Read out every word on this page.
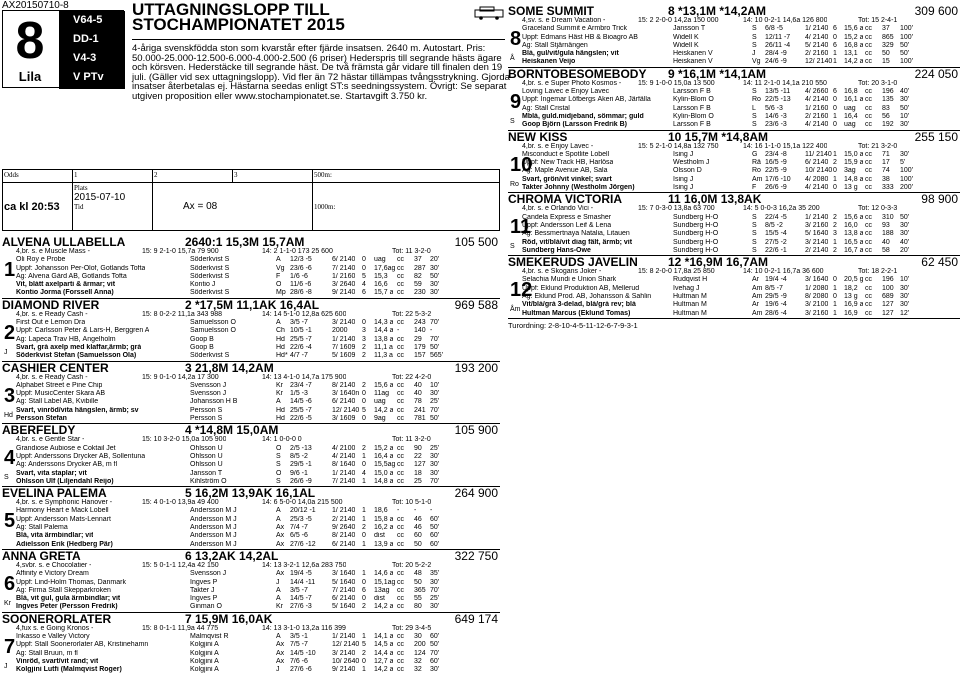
AX20150710-8
8
Lila
V64-5
DD-1
V4-3
V PTv
UTTAGNINGSLOPP TILL
STOCHAMPIONATET 2015
4-åriga svenskfödda ston som kvarstår efter fjärde insatsen. 2640 m. Autostart. Pris: 50.000-25.000-12.500-6.000-4.000-2.500 (6 priser) Hederspris till segrande hästs ägare och körsven. Hederstäcke till segrande häst. De två främsta går vidare till finalen den 19 juli. (Gäller vid sex uttagningslopp). Vid fler än 72 hästar tillämpas tvångsstrykning. Gjorda insatser återbetalas ej. Hästarna seedas enligt ST:s seedningssystem. Övrigt: Se separat utgiven proposition eller www.stochampionatet.se. Startavgift 3.750 kr.
Odds	1	2	3	500m:
ca kl 20:53	Plats
2015-07-10
Tid	Ax = 08		1000m:
ALVENA ULLABELLA	2640:1 15,3M 15,7AM	105 500
4,br. s. e Muscle Mass -	15: 9 2-1-0 15,7a 79 900	14: 2 1-1-0 173 25 600	Tot: 11 3-2-0
Oli Roy e Probe	Söderkvist S	Å 12/3 -5	6/ 2140 0 uag cc 37 20'
Uppf: Johansson Per-Olof, Gotlands Tofta	Söderkvist S	Vg 23/6 -6	7/ 2140 0 17,6ag cc 287 30'
Äg: Alvena Gård AB, Gotlands Tofta	Söderkvist S	F 1/6 -6	1/ 2160 5 15,3 cc 82 50'
Vit, blått axelparti & ärmar; vit	Kontio J	Ö 11/6 -6	3/ 2640 4 16,6 cc 59 30'
Kontio Jorma (Forssell Anna)	Söderkvist S	Mp 28/6 -8	9/ 2140 6 15,7 a cc 230 30'
1
DIAMOND RIVER	2 *17,5M 11,1AK 16,4AL	969 588
4,br. s. e Ready Cash -	15: 8 0-2-2 11,1a 343 988	14: 14 5-1-0 12,8a 625 600	Tot: 22 5-3-2
First Out e Lemon Dra	Samuelsson O	Å 3/5 -7	3/ 2140 0 14,3 a cc 243 70'
Uppf: Carlsson Peter & Lars-H, Berggren A	Samuelsson O	Ch 10/5 -1	2000 3 14,4 a - 140 -
Äg: Lapeca Trav HB, Ängelholm	Goop B	Hd 25/5 -7	1/ 2140 3 13,8 a cc 29 70'
Svart, grå axelp med klaffar,ärmb; grå	Goop B	Hd 22/6 -4	7/ 1609 2 11,1 a cc 179 50'
Söderkvist Stefan (Samuelsson Ola)	Söderkvist S	Hd* 4/7 -7	5/ 1609 2 11,3 a cc 157 565'
2
J
CASHIER CENTER	3 21,8M 14,2AM	193 200
4,br. s. e Ready Cash -	15: 9 0-1-0 14,2a 17 300	14: 13 4-1-0 14,7a 175 900	Tot: 22 4-2-0
Alphabet Street e Pine Chip	Svensson J	Kr 23/4 -7	8/ 2140 2 15,6 a cc 40 10'
Uppf: MusicCenter Skara AB	Svensson J	Kr 1/5 -3	3/ 1640n 0 11ag cc 40 30'
Äg: Stall Label AB, Kvibille	Johansson H B	Å 14/5 -6	6/ 2140 0 uag cc 78 25'
Svart, vinröd/vita hängslen, ärmb; sv	Persson S	Hd 25/5 -7	12/ 2140 5 14,2 a cc 241 70'
Persson Stefan	Persson S	Hd 22/6 -5	3/ 1609 0 9ag cc 781 50'
3
Hd
ABERFELDY	4 *14,8M 15,0AM	105 900
4,br. s. e Gentle Star -	15: 10 3-2-0 15,0a 105 900	14: 1 0-0-0 0	Tot: 11 3-2-0
Grandiose Aubiose e Coktail Jet	Ohlsson U	Ö 2/5 -13	4/ 2100 2 15,2 a cc 90 25'
Uppf: Anderssons Drycker AB, Sollentuna	Ohlsson U	S 8/5 -2	4/ 2140 1 16,4 a cc 22 30'
Äg: Anderssons Drycker AB, m fl	Ohlsson U	S 29/5 -1	8/ 1640 0 15,5ag cc 127 30'
Svart, vita staplar; vit	Jansson T	Ö 9/6 -1	1/ 2140 4 15,0 a cc 18 30'
Ohlsson Ulf (Liljendahl Reijo)	Kihlström Ö	S 26/6 -9	7/ 2140 1 14,8 a cc 25 70'
4
S
EVELINA PALEMA	5 16,2M 13,9AK 16,1AL	264 900
4,br. s. e Symphonic Hanover -	15: 4 0-1-0 13,9a 49 400	14: 6 5-0-0 14,0a 215 500	Tot: 10 5-1-0
Harmony Heart e Mack Lobell	Andersson M J	Å 20/12 -1 1/ 2140 1 18,6 - - -
Uppf: Andersson Mats-Lennart	Andersson M J	Å 25/3 -5	2/ 2140 1 15,8 a cc 46 60'
Äg: Stall Palema	Andersson M J	Ax 7/4 -7	9/ 2640 2 16,2 a cc 46 50'
Blå, vita ärmbindlar; vit	Andersson M J	Ax 6/5 -6	8/ 2140 0 dist cc 60 60'
Adielsson Erik (Hedberg Pär)	Andersson M J	Ax 27/6 -12 6/ 2140 1 13,9 a cc 50 60'
5
ANNA GRETA	6 13,2AK 14,2AL	322 750
4,svbr. s. e Chocolatier -	15: 5 0-1-1 12,4a 42 150	14: 13 3-2-1 12,6a 283 750	Tot: 20 5-2-2
Affinity e Victory Dream	Svensson J	Ax 19/4 -5	3/ 1640 1 14,6 a cc 48 35'
Uppf: Lind-Holm Thomas, Danmark	Ingves P	J 14/4 -11 5/ 1640 0 15,1ag cc 50 30'
Äg: Firma Stall Skepparkroken	Takter J	Å 3/5 -7	7/ 2140 6 13ag cc 365 70'
Blå, vit gul, gula ärmbindlar; vit	Ingves P	Å 14/5 -7	6/ 2140 0 dist cc 55 25'
Ingves Peter (Persson Fredrik)	Ginman O	Kr 27/6 -3	5/ 1640 2 14,2 a cc 80 30'
6
Kr
SOONERORLATER	7 15,9M 16,0AK	649 174
4,fux s. e Going Kronos -	15: 8 0-1-1 11,9a 44 775	14: 13 3-1-0 13,2a 116 399	Tot: 29 3-4-5
Inkasso e Valley Victory	Malmqvist R	Å 3/5 -1	1/ 2140 1 14,1 a cc 30 60'
Uppf: Stall Soonerorlater AB, Kristinehamn	Kolgjini A	Ax 7/5 -7	12/ 2140 5 14,5 a cc 200 50'
Äg: Stall Bruun, m fl	Kolgjini A	Ax 14/5 -10 3/ 2140 2 14,4 a cc 124 70'
Vinröd, svart/vit rand; vit	Kolgjini A	Ax 7/6 -6	10/ 2640 0 12,7 a cc 32 60'
Kolgjini Lutfi (Malmqvist Roger)	Kolgjini A	J 27/6 -6	9/ 2140 1 14,2 a cc 32 30'
7
J
SOME SUMMIT	8 *13,1M *14,2AM	309 600
4,sv. s. e Dream Vacation -	15: 2 2-0-0 14,2a 150 000	14: 10 0-2-1 14,6a 126 800	Tot: 15 2-4-1
Graceland Summit e Armbro Trick	Jansson T	S 6/8 -5	1/ 2140 6 15,6 a cc 37 100'
Uppf: Edmans Häst HB & Bioagro AB	Widell K	S 12/11 -7 4/ 2140 0 15,2 a cc 865 100'
Äg: Stall Stjärnängen	Widell K	S 26/11 -4 5/ 2140 6 16,8 a cc 329 50'
Blå, gul/vit/gula hängslen; vit	Heiskanen V	J 28/4 -9	2/ 2160 1 13,1 cc 50 50'
Heiskanen Veijo	Heiskanen V	Vg 24/6 -9	12/ 2140 1 14,2 a cc 15 100'
8
Å
BORNTOBESOMEBODY 9 *16,1M *14,1AM	224 050
4,br. s. e Super Photo Kosmos - 15: 9 1-0-0 15,0a 13 500	14: 11 2-1-0 14,1a 210 550	Tot: 20 3-1-0
Loving Lavec e Enjoy Lavec	Larsson F B	S 13/5 -11 4/ 2660 6 16,8 cc 196 40'
Uppf: Ingemar Löfbergs Åkeri AB, Järfälla	Kylin-Blom O	Ro 22/5 -13 4/ 2140 0 16,1 a cc 135 30'
Äg: Stall Cristal	Larsson F B	L 5/6 -3	1/ 2160 0 uag cc 83 50'
Mblå, guld.midjeband, sömmar; guld	Kylin-Blom O	S 14/6 -3	2/ 2160 1 16,4 cc 56 10'
Goop Björn (Larsson Fredrik B)	Larsson F B	S 23/6 -3	4/ 2140 0 uag cc 192 30'
9
S
NEW KISS	10 15,7M *14,8AM	255 150
4,br. s. e Enjoy Lavec -	15: 5 2-1-0 14,8a 132 750	14: 16 1-1-0 15,1a 122 400	Tot: 21 3-2-0
Misconduct e Spotlite Lobell	Ising J	G 23/4 -8	11/ 2140 1 15,0 a cc 71 30'
Uppf: New Track HB, Harlösa	Westholm J	Rä 16/5 -9	6/ 2140 2 15,9 a cc 17 5'
Äg: Maple Avenue AB, Sala	Olsson D	Ro 22/5 -9	10/ 2140 0 3ag cc 74 100'
Svart, grön/vit vinkel; svart	Ising J	Åm 17/6 -10 4/ 2080 1 14,8 a cc 38 100'
Takter Johnny (Westholm Jörgen)	Ising J	F 26/6 -9	4/ 2140 0 13 g cc 333 200'
10
Ro
CHROMA VICTORIA	11 16,0M 13,8AK	98 900
4,br. s. e Orlando Vici -	15: 7 0-3-0 13,8a 63 700	14: 5 0-0-3 16,2a 35 200	Tot: 12 0-3-3
Candela Express e Smasher	Sundberg H-O	S 22/4 -5	1/ 2140 2 15,6 a cc 310 50'
Uppf: Andersson Leif & Lena	Sundberg H-O	S 8/5 -2	3/ 2160 2 16,0 cc 93 30'
Äg: Bessmertnaya Natalia, Litauen	Sundberg H-O	S 15/5 -4	5/ 1640 3 13,8 a cc 188 30'
Röd, vit/blå/vit diag fält, ärmb; vit	Sundberg H-O	S 27/5 -2	3/ 2140 1 16,5 a cc 40 40'
Sundberg Hans-Owe	Sundberg H-O	S 22/6 -1	2/ 2140 2 16,7 a cc 58 20'
11
S
SMEKERUDS JAVELIN	12 *16,9M 16,7AM	62 450
4,br. s. e Skogans Joker -	15: 8 2-0-0 17,8a 25 850	14: 10 0-2-1 16,7a 36 600	Tot: 18 2-2-1
Selachia Mundi e Union Shark	Rudqvist H	Ar 19/4 -4	3/ 1640 0 20,5 g cc 196 10'
Uppf: Eklund Produktion AB, Mellerud	Ivehag J	Åm 8/5 -7	1/ 2080 1 18,2 cc 100 30'
Äg: Eklund Prod. AB, Johansson & Sahlin	Hultman M	Åm 29/5 -9	8/ 2080 0 13 g cc 689 30'
Vit/blå/grå 3-delad, blå/grå rev; blå	Hultman M	År 19/6 -4	3/ 2100 1 16,9 a cc 127 30'
Hultman Marcus (Eklund Tomas)	Hultman M	Åm 28/6 -4	3/ 2160 1 16,9 cc 127 12'
12
Åm
Turordning: 2-8-10-4-5-11-12-6-7-9-3-1
